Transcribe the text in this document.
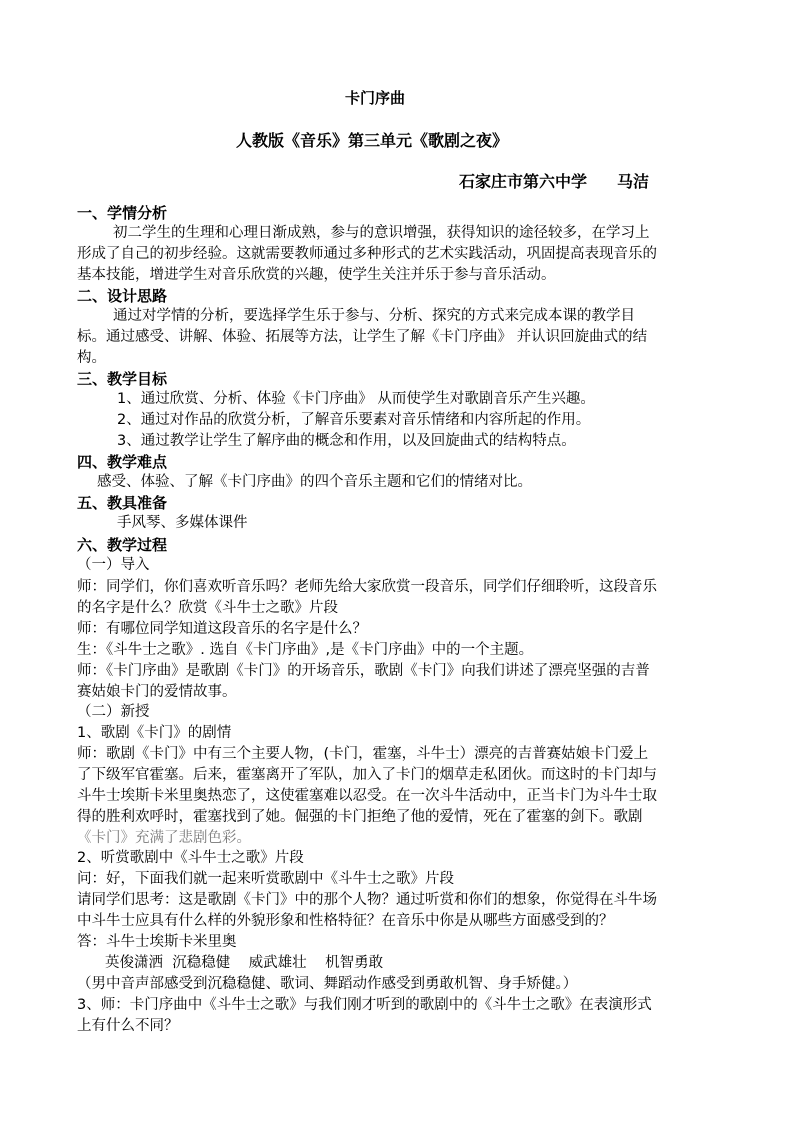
卡门序曲
人教版《音乐》第三单元《歌剧之夜》
石家庄市第六中学 马洁
一、学情分析
初二学生的生理和心理日渐成熟，参与的意识增强，获得知识的途径较多，在学习上
形成了自己的初步经验。这就需要教师通过多种形式的艺术实践活动，巩固提高表现音乐的
基本技能，增进学生对音乐欣赏的兴趣，使学生关注并乐于参与音乐活动。
二、设计思路
通过对学情的分析，要选择学生乐于参与、分析、探究的方式来完成本课的教学目
标。通过感受、讲解、体验、拓展等方法，让学生了解《卡门序曲》 并认识回旋曲式的结
构。
三、教学目标
1、通过欣赏、分析、体验《卡门序曲》 从而使学生对歌剧音乐产生兴趣。
2、通过对作品的欣赏分析，了解音乐要素对音乐情绪和内容所起的作用。
3、通过教学让学生了解序曲的概念和作用，以及回旋曲式的结构特点。
四、教学难点
感受、体验、了解《卡门序曲》的四个音乐主题和它们的情绪对比。
五、教具准备
手风琴、多媒体课件
六、教学过程
（一）导入
师：同学们，你们喜欢听音乐吗？老师先给大家欣赏一段音乐，同学们仔细聆听，这段音乐
的名字是什么？欣赏《斗牛士之歌》片段
师：有哪位同学知道这段音乐的名字是什么？
生：《斗牛士之歌》. 选自《卡门序曲》,是《卡门序曲》中的一个主题。
师：《卡门序曲》是歌剧《卡门》的开场音乐，歌剧《卡门》向我们讲述了漂亮坚强的吉普
赛姑娘卡门的爱情故事。
（二）新授
1、歌剧《卡门》的剧情
师：歌剧《卡门》中有三个主要人物，(卡门，霍塞，斗牛士）漂亮的吉普赛姑娘卡门爱上
了下级军官霍塞。后来，霍塞离开了军队，加入了卡门的烟草走私团伙。而这时的卡门却与
斗牛士埃斯卡米里奥热恋了，这使霍塞难以忍受。在一次斗牛活动中，正当卡门为斗牛士取
得的胜利欢呼时，霍塞找到了她。倔强的卡门拒绝了他的爱情，死在了霍塞的剑下。歌剧
《卡门》充满了悲剧色彩。
2、听赏歌剧中《斗牛士之歌》片段
问：好，下面我们就一起来听赏歌剧中《斗牛士之歌》片段
请同学们思考：这是歌剧《卡门》中的那个人物？通过听赏和你们的想象，你觉得在斗牛场
中斗牛士应具有什么样的外貌形象和性格特征？在音乐中你是从哪些方面感受到的？
答：斗牛士埃斯卡米里奥
英俊潇洒  沉稳稳健    威武雄壮    机智勇敢
（男中音声部感受到沉稳稳健、歌词、舞蹈动作感受到勇敢机智、身手矫健。）
3、师：卡门序曲中《斗牛士之歌》与我们刚才听到的歌剧中的《斗牛士之歌》在表演形式
上有什么不同？
